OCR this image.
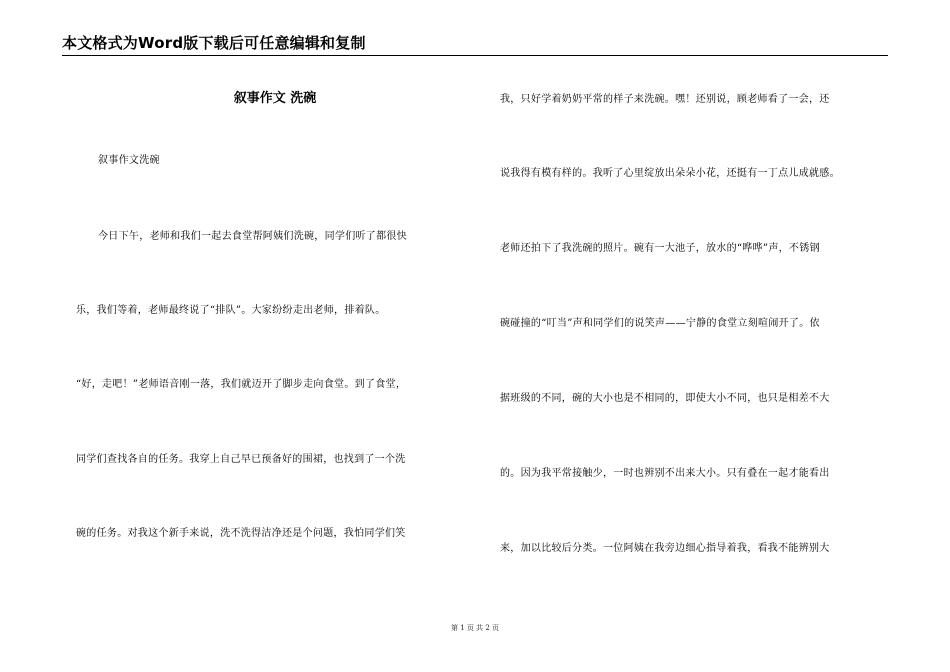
本文格式为Word版下载后可任意编辑和复制
叙事作文 洗碗
叙事作文洗碗
今日下午，老师和我们一起去食堂帮阿姨们洗碗，同学们听了都很快
乐，我们等着，老师最终说了“排队”。大家纷纷走出老师，排着队。
“好，走吧！”老师语音刚一落，我们就迈开了脚步走向食堂。到了食堂，
同学们查找各自的任务。我穿上自己早已预备好的围裙，也找到了一个洗
碗的任务。对我这个新手来说，洗不洗得洁净还是个问题，我怕同学们笑
我，只好学着奶奶平常的样子来洗碗。嘿！还别说，顾老师看了一会，还
说我得有模有样的。我听了心里绽放出朵朵小花，还挺有一丁点儿成就感。
老师还拍下了我洗碗的照片。碗有一大池子，放水的“哗哗”声，不锈钢
碗碰撞的“叮当”声和同学们的说笑声——宁静的食堂立刻喧闹开了。依
据班级的不同，碗的大小也是不相同的，即使大小不同，也只是相差不大
的。因为我平常接触少，一时也辨别不出来大小。只有叠在一起才能看出
来，加以比较后分类。一位阿姨在我旁边细心指导着我，看我不能辨别大
第 1 页 共 2 页
